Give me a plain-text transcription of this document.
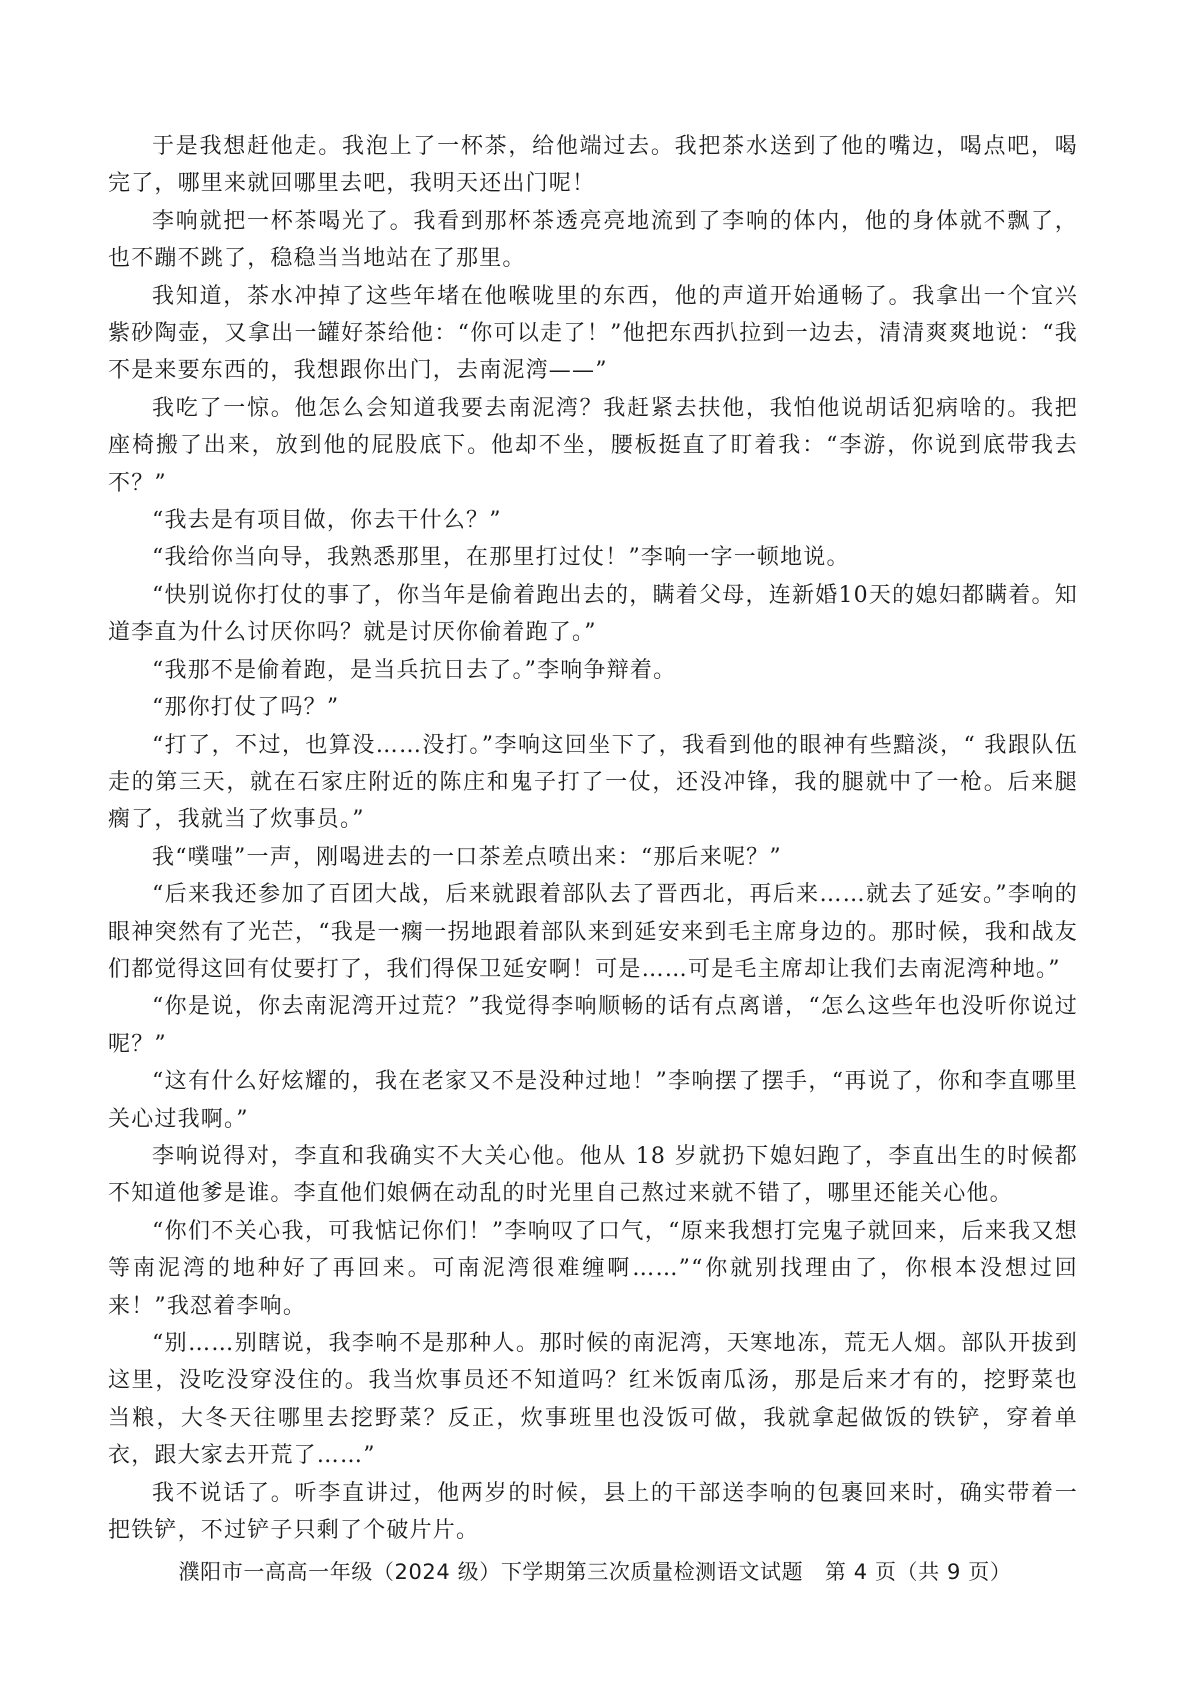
于是我想赶他走。我泡上了一杯茶，给他端过去。我把茶水送到了他的嘴边，喝点吧，喝完了，哪里来就回哪里去吧，我明天还出门呢！

李响就把一杯茶喝光了。我看到那杯茶透亮亮地流到了李响的体内，他的身体就不飘了，也不蹦不跳了，稳稳当当地站在了那里。

我知道，茶水冲掉了这些年堵在他喉咙里的东西，他的声道开始通畅了。我拿出一个宜兴紫砂陶壶，又拿出一罐好茶给他：“你可以走了！”他把东西扒拉到一边去，清清爽爽地说：“我不是来要东西的，我想跟你出门，去南泥湾——”

我吃了一惊。他怎么会知道我要去南泥湾？我赶紧去扶他，我怕他说胡话犯病啥的。我把座椅搬了出来，放到他的屁股底下。他却不坐，腰板挺直了盯着我：“李游，你说到底带我去不？”

“我去是有项目做，你去干什么？”

“我给你当向导，我熟悉那里，在那里打过仗！”李响一字一顿地说。

“快别说你打仗的事了，你当年是偷着跑出去的，瞒着父母，连新婚10天的媳妇都瞒着。知道李直为什么讨厌你吗？就是讨厌你偷着跑了。”

“我那不是偷着跑，是当兵抗日去了。”李响争辩着。

“那你打仗了吗？”

“打了，不过，也算没……没打。”李响这回坐下了，我看到他的眼神有些黯淡，“ 我跟队伍走的第三天，就在石家庄附近的陈庄和鬼子打了一仗，还没冲锋，我的腿就中了一枪。后来腿瘸了，我就当了炊事员。”

我“噗嗤”一声，刚喝进去的一口茶差点喷出来：“那后来呢？”

“后来我还参加了百团大战，后来就跟着部队去了晋西北，再后来……就去了延安。”李响的眼神突然有了光芒，“我是一瘸一拐地跟着部队来到延安来到毛主席身边的。那时候，我和战友们都觉得这回有仗要打了，我们得保卫延安啊！可是……可是毛主席却让我们去南泥湾种地。”

“你是说，你去南泥湾开过荒？”我觉得李响顺畅的话有点离谱，“怎么这些年也没听你说过呢？”

“这有什么好炫耀的，我在老家又不是没种过地！”李响摆了摆手，“再说了，你和李直哪里关心过我啊。”

李响说得对，李直和我确实不大关心他。他从 18 岁就扔下媳妇跑了，李直出生的时候都不知道他爹是谁。李直他们娘俩在动乱的时光里自己熬过来就不错了，哪里还能关心他。

“你们不关心我，可我惦记你们！”李响叹了口气，“原来我想打完鬼子就回来，后来我又想等南泥湾的地种好了再回来。可南泥湾很难缠啊……”“你就别找理由了，你根本没想过回来！”我怼着李响。

“别……别瞎说，我李响不是那种人。那时候的南泥湾，天寒地冻，荒无人烟。部队开拔到这里，没吃没穿没住的。我当炊事员还不知道吗？红米饭南瓜汤，那是后来才有的，挖野菜也当粮，大冬天往哪里去挖野菜？反正，炊事班里也没饭可做，我就拿起做饭的铁铲，穿着单衣，跟大家去开荒了……”

我不说话了。听李直讲过，他两岁的时候，县上的干部送李响的包裹回来时，确实带着一把铁铲，不过铲子只剩了个破片片。

濮阳市一高高一年级（2024 级）下学期第三次质量检测语文试题　第 4 页（共 9 页）
